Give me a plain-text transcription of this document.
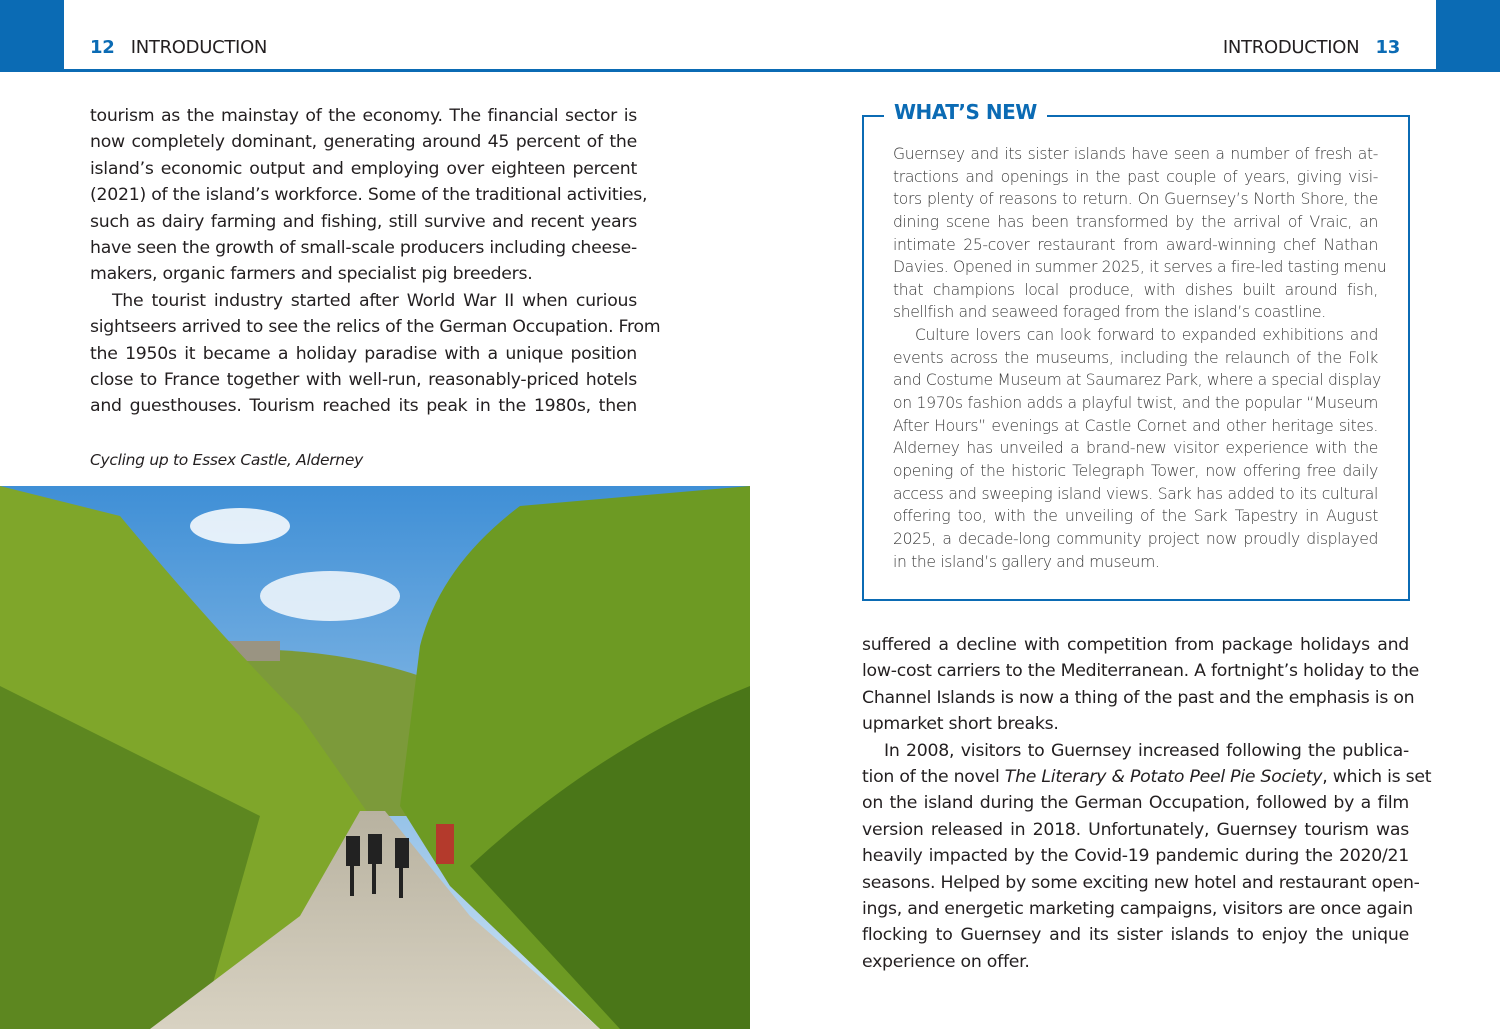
12 INTRODUCTION	INTRODUCTION 13
tourism as the mainstay of the economy. The financial sector is
now completely dominant, generating around 45 percent of the
island’s economic output and employing over eighteen percent
(2021) of the island’s workforce. Some of the traditional activities,
such as dairy farming and fishing, still survive and recent years
have seen the growth of small-scale producers including cheese-
makers, organic farmers and specialist pig breeders.
The tourist industry started after World War II when curious
sightseers arrived to see the relics of the German Occupation. From
the 1950s it became a holiday paradise with a unique position
close to France together with well-run, reasonably-priced hotels
and guesthouses. Tourism reached its peak in the 1980s, then
Cycling up to Essex Castle, Alderney
WHAT’S NEW
Guernsey and its sister islands have seen a number of fresh at-
tractions and openings in the past couple of years, giving visi-
tors plenty of reasons to return. On Guernsey’s North Shore, the
dining scene has been transformed by the arrival of Vraic, an
intimate 25-cover restaurant from award-winning chef Nathan
Davies. Opened in summer 2025, it serves a fire-led tasting menu
that champions local produce, with dishes built around fish,
shellfish and seaweed foraged from the island’s coastline.
Culture lovers can look forward to expanded exhibitions and
events across the museums, including the relaunch of the Folk
and Costume Museum at Saumarez Park, where a special display
on 1970s fashion adds a playful twist, and the popular “Museum
After Hours” evenings at Castle Cornet and other heritage sites.
Alderney has unveiled a brand-new visitor experience with the
opening of the historic Telegraph Tower, now offering free daily
access and sweeping island views. Sark has added to its cultural
offering too, with the unveiling of the Sark Tapestry in August
2025, a decade-long community project now proudly displayed
in the island’s gallery and museum.
suffered a decline with competition from package holidays and
low-cost carriers to the Mediterranean. A fortnight’s holiday to the
Channel Islands is now a thing of the past and the emphasis is on
upmarket short breaks.
In 2008, visitors to Guernsey increased following the publica-
tion of the novel The Literary & Potato Peel Pie Society, which is set
on the island during the German Occupation, followed by a film
version released in 2018. Unfortunately, Guernsey tourism was
heavily impacted by the Covid-19 pandemic during the 2020/21
seasons. Helped by some exciting new hotel and restaurant open-
ings, and energetic marketing campaigns, visitors are once again
flocking to Guernsey and its sister islands to enjoy the unique
experience on offer.
